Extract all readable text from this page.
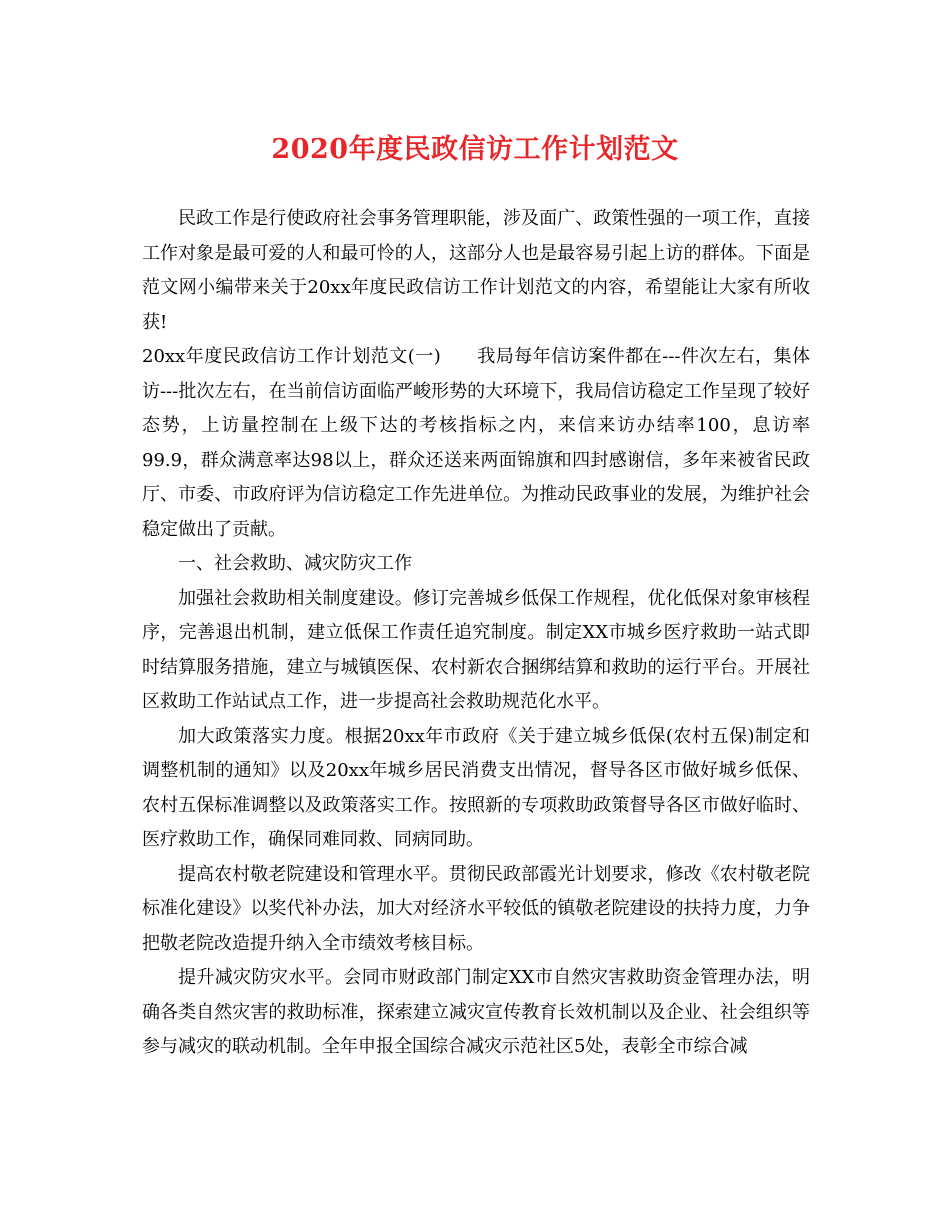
2020年度民政信访工作计划范文

民政工作是行使政府社会事务管理职能，涉及面广、政策性强的一项工作，直接工作对象是最可爱的人和最可怜的人，这部分人也是最容易引起上访的群体。下面是范文网小编带来关于20xx年度民政信访工作计划范文的内容，希望能让大家有所收获!

20xx年度民政信访工作计划范文(一) 我局每年信访案件都在---件次左右，集体访---批次左右，在当前信访面临严峻形势的大环境下，我局信访稳定工作呈现了较好态势，上访量控制在上级下达的考核指标之内，来信来访办结率100，息访率99.9，群众满意率达98以上，群众还送来两面锦旗和四封感谢信，多年来被省民政厅、市委、市政府评为信访稳定工作先进单位。为推动民政事业的发展，为维护社会稳定做出了贡献。

一、社会救助、减灾防灾工作

加强社会救助相关制度建设。修订完善城乡低保工作规程，优化低保对象审核程序，完善退出机制，建立低保工作责任追究制度。制定XX市城乡医疗救助一站式即时结算服务措施，建立与城镇医保、农村新农合捆绑结算和救助的运行平台。开展社区救助工作站试点工作，进一步提高社会救助规范化水平。

加大政策落实力度。根据20xx年市政府《关于建立城乡低保(农村五保)制定和调整机制的通知》以及20xx年城乡居民消费支出情况，督导各区市做好城乡低保、农村五保标准调整以及政策落实工作。按照新的专项救助政策督导各区市做好临时、医疗救助工作，确保同难同救、同病同助。

提高农村敬老院建设和管理水平。贯彻民政部霞光计划要求，修改《农村敬老院标准化建设》以奖代补办法，加大对经济水平较低的镇敬老院建设的扶持力度，力争把敬老院改造提升纳入全市绩效考核目标。

提升减灾防灾水平。会同市财政部门制定XX市自然灾害救助资金管理办法，明确各类自然灾害的救助标准，探索建立减灾宣传教育长效机制以及企业、社会组织等参与减灾的联动机制。全年申报全国综合减灾示范社区5处，表彰全市综合减
